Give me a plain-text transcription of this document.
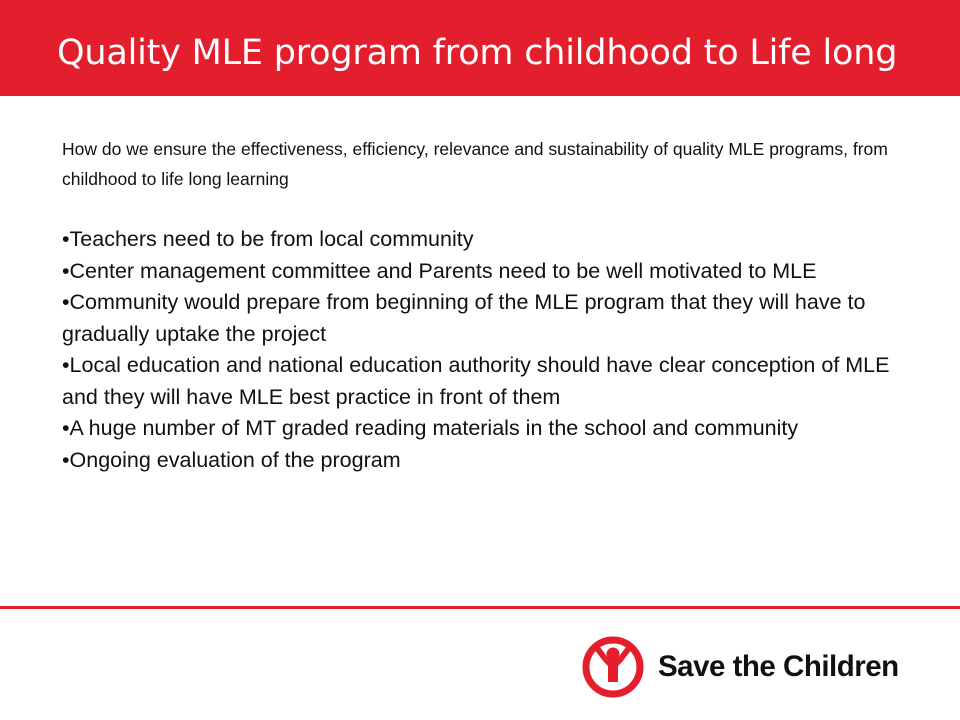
Quality MLE program from childhood to Life long
How do we ensure the effectiveness, efficiency, relevance and sustainability of quality MLE programs, from childhood to life long learning
•Teachers need to be from local community
•Center management committee and Parents need to be well motivated to MLE
•Community would prepare from beginning of the MLE program that they will have to gradually uptake the project
•Local education and national education authority should have clear conception of MLE and they will have MLE best practice in front of them
•A huge number of MT graded reading materials in the school and community
•Ongoing evaluation of the program
Save the Children
